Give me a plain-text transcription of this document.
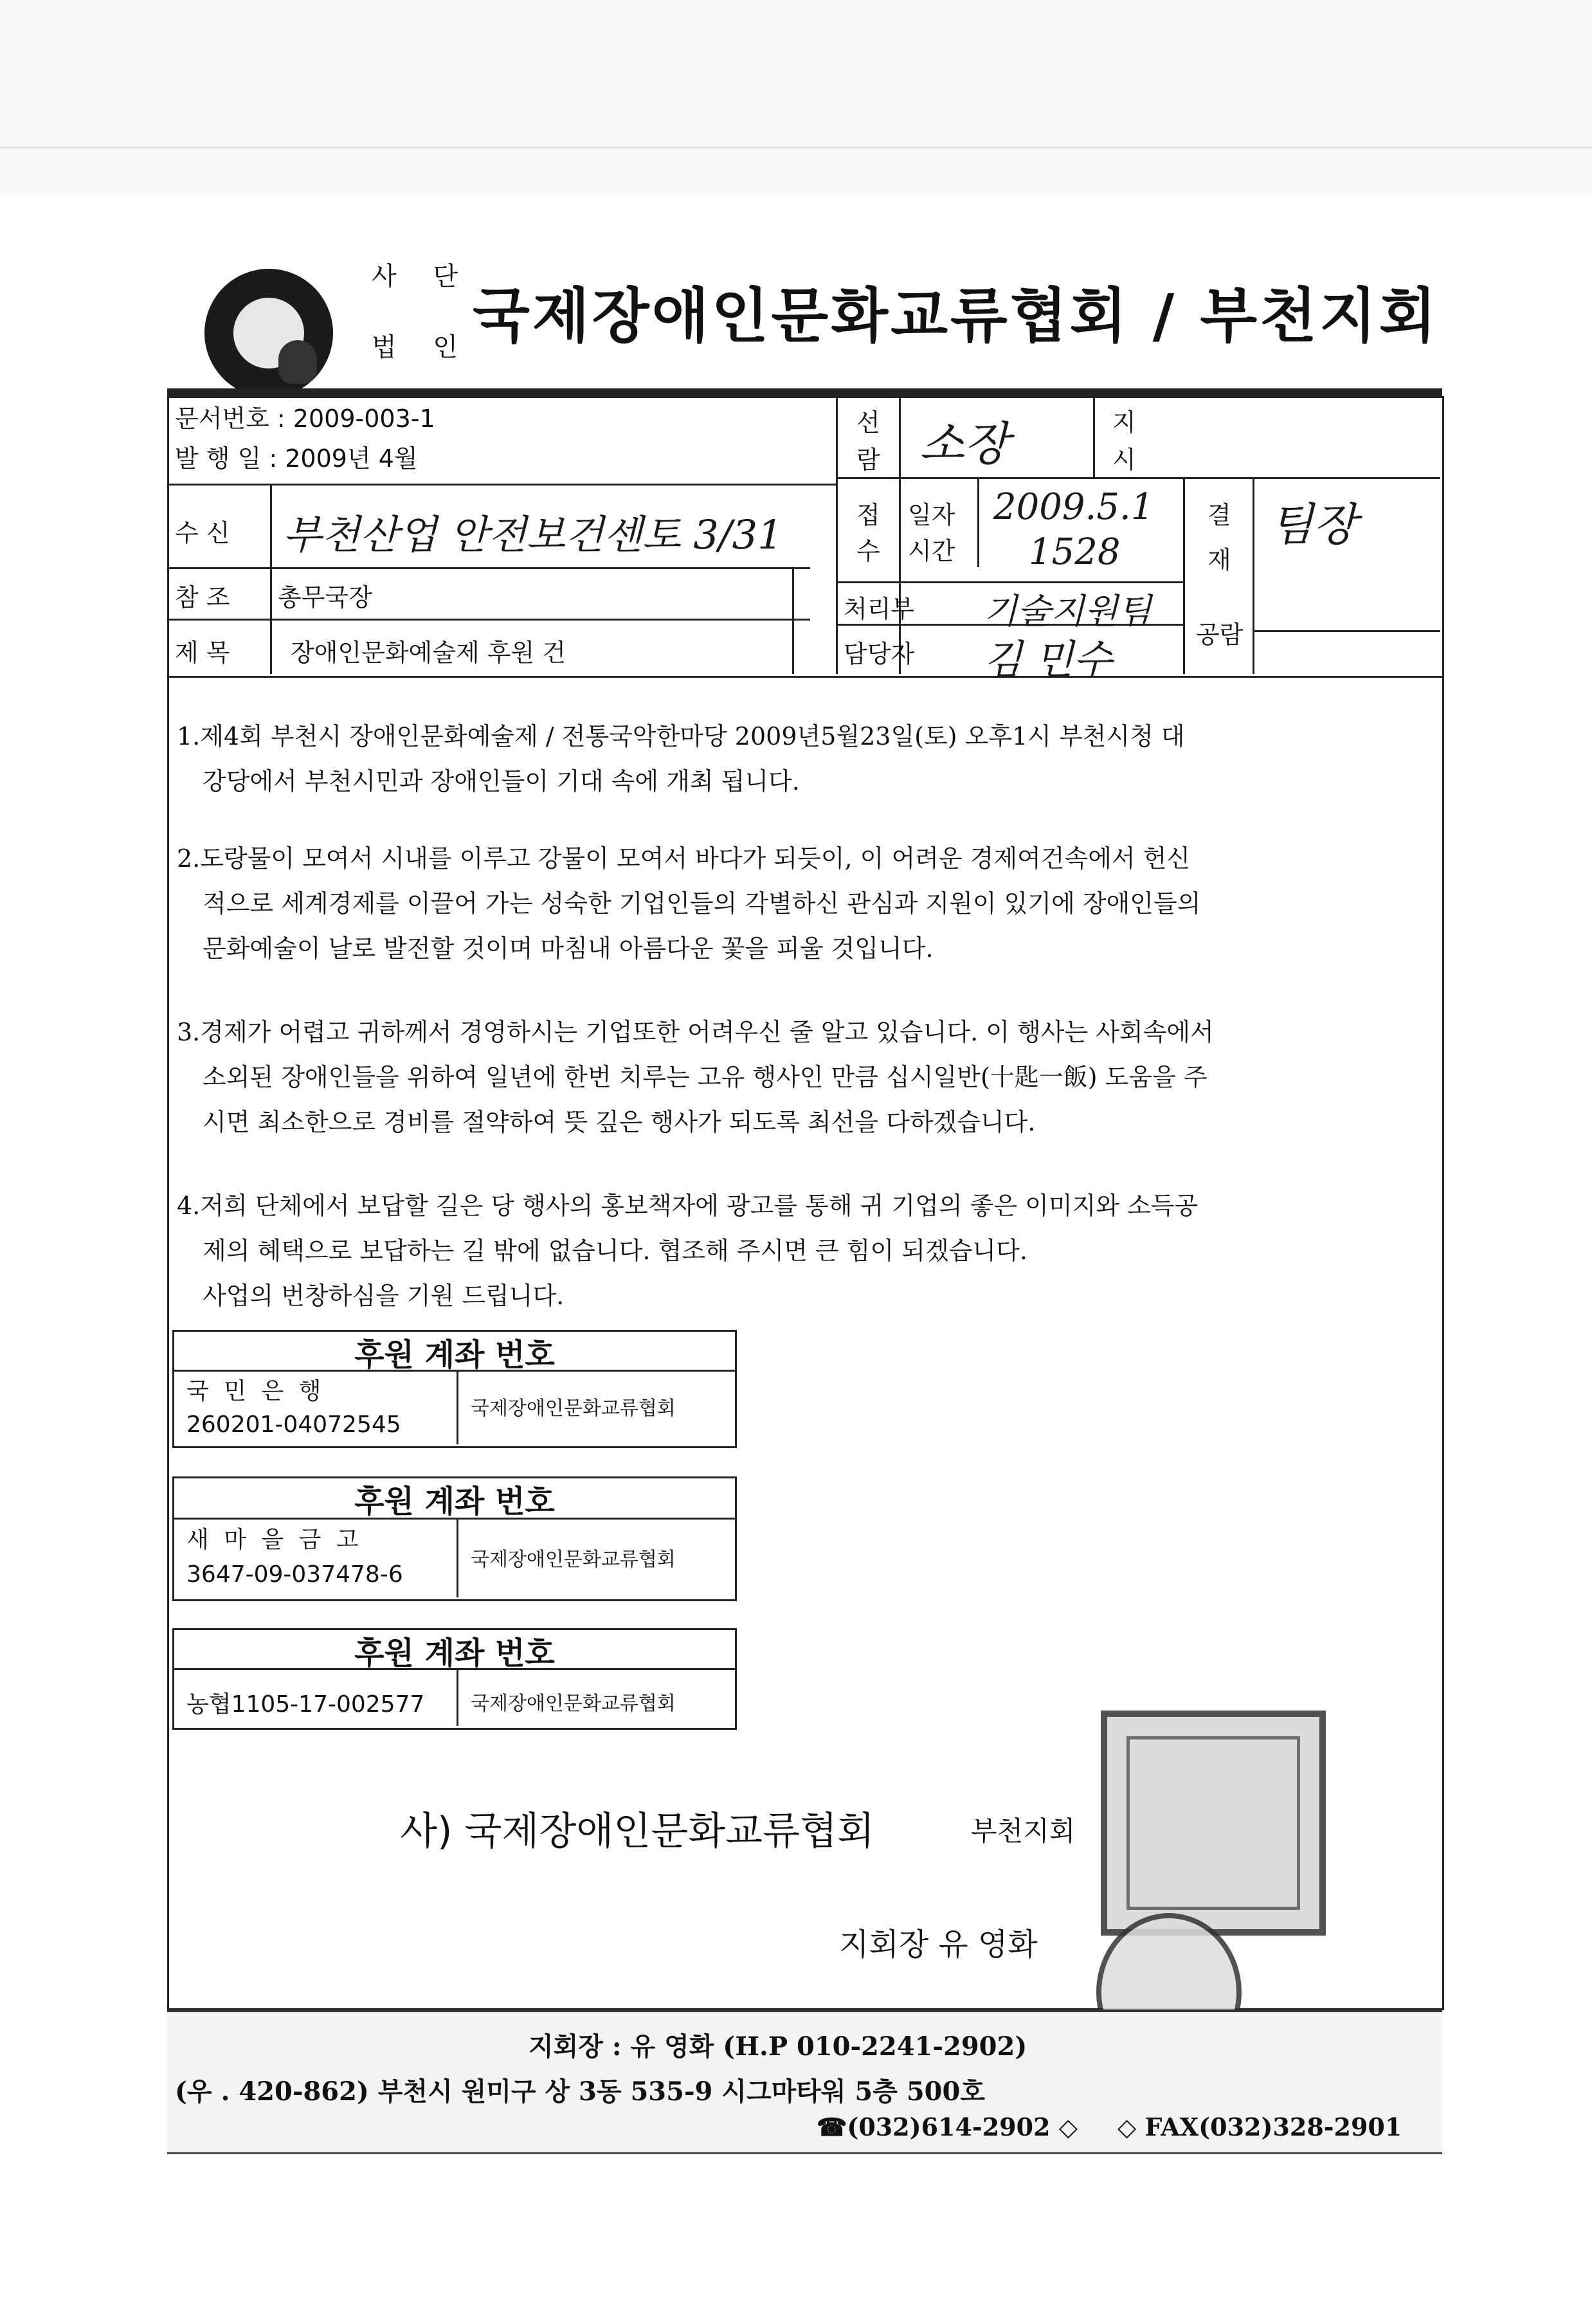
사 단
법 인 국제장애인문화교류협회 / 부천지회
문서번호 : 2009-003-1
발 행 일 : 2009년 4월
수 신 부천산업 안전보건센토 3/31
참 조 총무국장
제 목 장애인문화예술제 후원 건
선
람 소장	지
시
접
수
일자
시간
2009.5.1
1528
결
재
팀장
처리부 기술지원팀
담당자 김 민수
공람

1.제4회 부천시 장애인문화예술제 / 전통국악한마당 2009년5월23일(토) 오후1시 부천시청 대

강당에서 부천시민과 장애인들이 기대 속에 개최 됩니다.

2.도랑물이 모여서 시내를 이루고 강물이 모여서 바다가 되듯이, 이 어려운 경제여건속에서 헌신

적으로 세계경제를 이끌어 가는 성숙한 기업인들의 각별하신 관심과 지원이 있기에 장애인들의

문화예술이 날로 발전할 것이며 마침내 아름다운 꽃을 피울 것입니다.

3.경제가 어렵고 귀하께서 경영하시는 기업또한 어려우신 줄 알고 있습니다. 이 행사는 사회속에서

소외된 장애인들을 위하여 일년에 한번 치루는 고유 행사인 만큼 십시일반(十匙一飯) 도움을 주

시면 최소한으로 경비를 절약하여 뜻 깊은 행사가 되도록 최선을 다하겠습니다.

4.저희 단체에서 보답할 길은 당 행사의 홍보책자에 광고를 통해 귀 기업의 좋은 이미지와 소득공

제의 혜택으로 보답하는 길 밖에 없습니다. 협조해 주시면 큰 힘이 되겠습니다.

사업의 번창하심을 기원 드립니다.

후원 계좌 번호
국 민 은 행
260201-04072545
국제장애인문화교류협회
후원 계좌 번호
새 마 을 금 고
3647-09-037478-6
국제장애인문화교류협회
후원 계좌 번호
농협1105-17-002577 국제장애인문화교류협회
사) 국제장애인문화교류협회	부천지회
지회장 유 영화
지회장 : 유 영화 (H.P 010-2241-2902)
(우 . 420-862) 부천시 원미구 상 3동 535-9 시그마타워 5층 500호
☎(032)614-2902 ◇ ◇ FAX(032)328-2901
